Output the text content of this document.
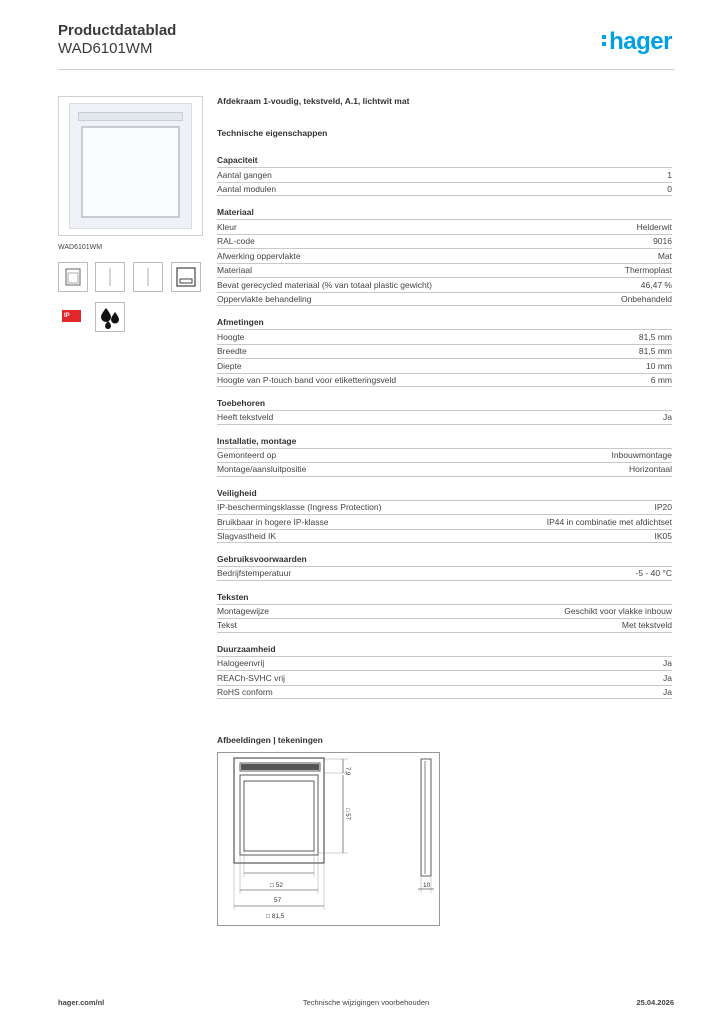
Productdatablad
WAD6101WM	hager
WAD6101WM
IP
Afdekraam 1-voudig, tekstveld, A.1, lichtwit mat
Technische eigenschappen
Capaciteit
Aantal gangen	1
Aantal modulen	0
Materiaal
Kleur	Helderwit
RAL-code	9016
Afwerking oppervlakte	Mat
Materiaal	Thermoplast
Bevat gerecycled materiaal (% van totaal plastic gewicht)	46,47 %
Oppervlakte behandeling	Onbehandeld
Afmetingen
Hoogte	81,5 mm
Breedte	81,5 mm
Diepte	10 mm
Hoogte van P-touch band voor etiketteringsveld	6 mm
Toebehoren
Heeft tekstveld	Ja
Installatie, montage
Gemonteerd op	Inbouwmontage
Montage/aansluitpositie	Horizontaal
Veiligheid
IP-beschermingsklasse (Ingress Protection)	IP20
Bruikbaar in hogere IP-klasse	IP44 in combinatie met afdichtset
Slagvastheid IK	IK05
Gebruiksvoorwaarden
Bedrijfstemperatuur	-5 - 40 °C
Teksten
Montagewijze	Geschikt voor vlakke inbouw
Tekst	Met tekstveld
Duurzaamheid
Halogeenvrij	Ja
REACh-SVHC vrij	Ja
RoHS conform	Ja
Afbeeldingen | tekeningen
7,9
□ 57
□ 52
57
□ 81,5
10
hager.com/nl	Technische wijzigingen voorbehouden	25.04.2026
